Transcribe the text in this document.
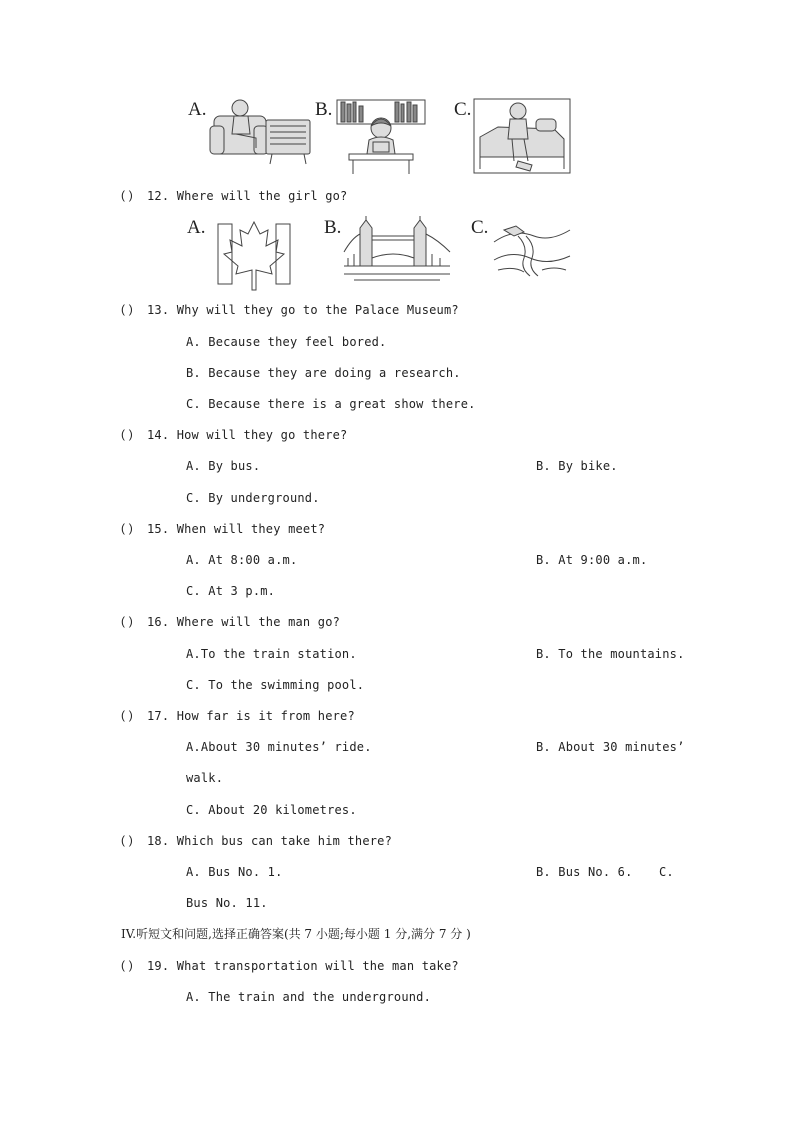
A.	B.	C.
( ) 12. Where will the girl go?
A.	B.	C.
( ) 13. Why will they go to the Palace Museum?
A. Because they feel bored.
B. Because they are doing a research.
C. Because there is a great show there.
( ) 14. How will they go there?
A. By bus.	B. By bike.
C. By underground.
( ) 15. When will they meet?
A. At 8:00 a.m.	B. At 9:00 a.m.
C. At 3 p.m.
( ) 16. Where will the man go?
A.To the train station.	B. To the mountains.
C. To the swimming pool.
( ) 17. How far is it from here?
A.About 30 minutes’ ride.	B. About 30 minutes’
walk.
C. About 20 kilometres.
( ) 18. Which bus can take him there?
A. Bus No. 1.	B. Bus No. 6. C.
Bus No. 11.
IV.听短文和问题,选择正确答案(共 7 小题;每小题 1 分,满分 7 分 )
( ) 19. What transportation will the man take?
A. The train and the underground.
